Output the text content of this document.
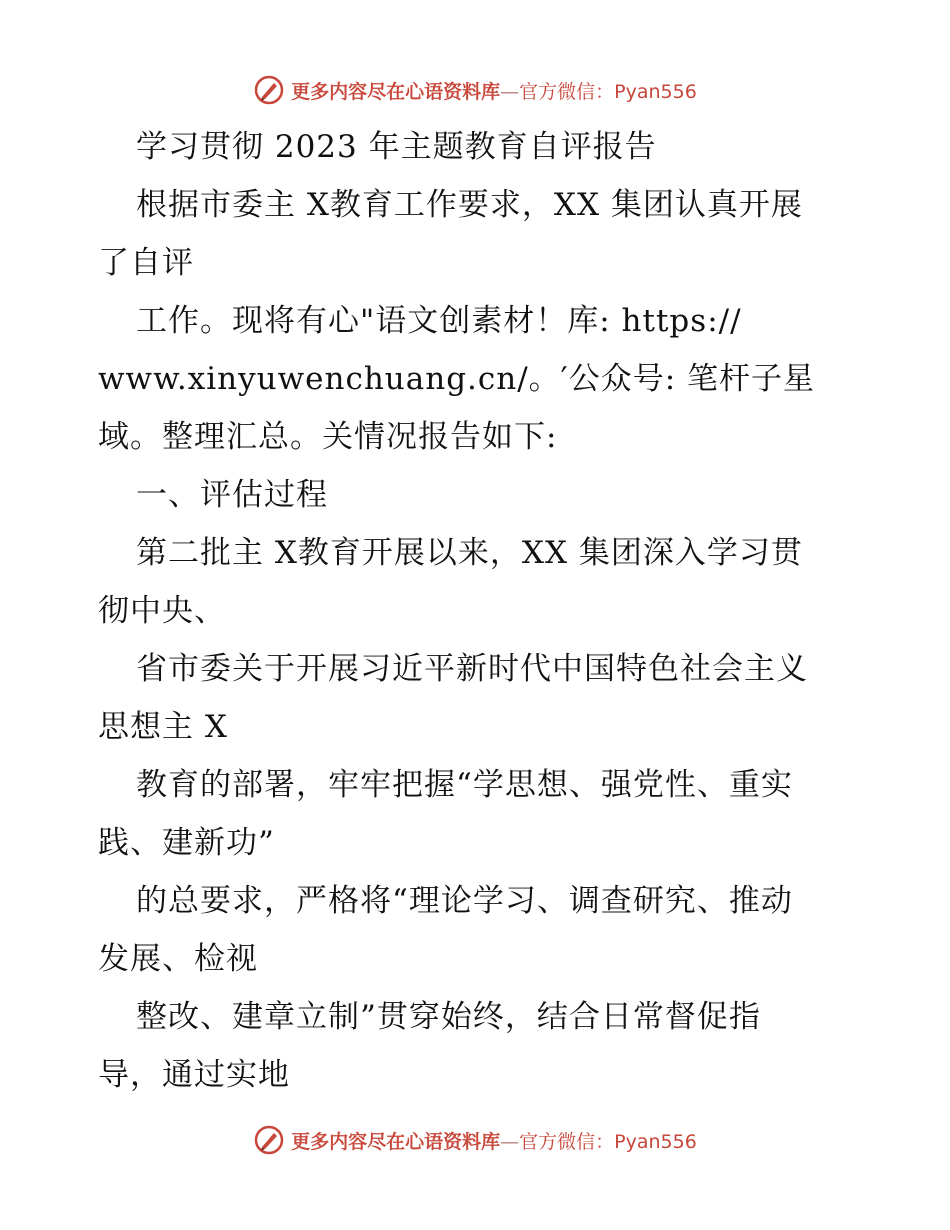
更多内容尽在心语资料库—官方微信：Pyan556
学习贯彻 2023 年主题教育自评报告
根据市委主 X教育工作要求，XX 集团认真开展
了自评
工作。现将有心"语文创素材！库: https://
www.xinyuwenchuang.cn/。′公众号: 笔杆子星
域。整理汇总。关情况报告如下:
一、评估过程
第二批主 X教育开展以来，XX 集团深入学习贯
彻中央、
省市委关于开展习近平新时代中国特色社会主义
思想主 X
教育的部署，牢牢把握“学思想、强党性、重实
践、建新功”
的总要求，严格将“理论学习、调查研究、推动
发展、检视
整改、建章立制”贯穿始终，结合日常督促指
导，通过实地
更多内容尽在心语资料库—官方微信：Pyan556
